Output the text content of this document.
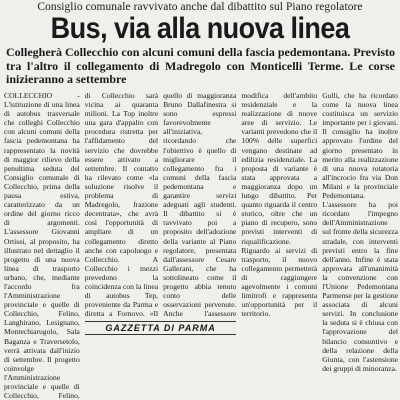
Consiglio comunale ravvivato anche dal dibattito sul Piano regolatore
Bus, via alla nuova linea
Collegherà Collecchio con alcuni comuni della fascia pedemontana. Previsto tra l'altro il collegamento di Madregolo con Monticelli Terme. Le corse inizieranno a settembre

COLLECCHIO	- L'istituzione di una linea di autobus trasversale che colleghi Collecchio con alcuni comuni della fascia pedemontana ha rappresentato la novità di maggior rilievo della penultima seduta del Consiglio comunale di Collecchio, prima della pausa estiva, caratterizzato da un ordine del giorno ricco di argomenti. L'assessore Giovanni Ortisei, al proposito, ha illustrato nel dettaglio il progetto di una nuova linea di trasporto urbano, che, mediante l'accordo fra l'Amministrazione provinciale e quelle di Collecchio, Felino, Langhirano, Lesignano, Montechiarugolo, Sala Baganza e Traversetolo, verrà attivata dall'inizio di settembre. Il progetto coinvolge l'Amministrazione provinciale e quelle di Collecchio, Felino,

di Collecchio sarà vicina ai quaranta milioni. La Top inoltre una gara d'appalto con procedura ristretta per l'affidamento del servizio che dovrebbe essere attivato a settembre. Il contatto ha rilevato come «la soluzione risolve il problema di Madregolo, frazione decentrata», che avrà così l'opportunità di ampliare di un collegamento diretto anche con capoluogo e Collecchio. A Collecchio i mezzi prevedono la coincidenza con la linea di autobus Tep, proveniente da Parma e diretta a Fornovo. «Il

quello di maggioranza Bruno Dallafinestra si sono espressi favorevolmente all'iniziativa, ricordando che l'obiettivo è quello di migliorare il collegamento fra i comuni della fascia pedemontana e garantire servizi adeguati agli studenti. Il dibattito si è ravvivato poi a proposito dell'adozione della variante al Piano regolatore, presentata dall'assessore Cesare Gallerani, che ha sottolineato come il progetto abbia tenuto conto delle osservazioni pervenute. Anche l'assessore

GAZZETTA DI PARMA

modifica dell'ambito residenziale e la realizzazione di nuove aree di servizio. Le varianti prevedono che il 100% delle superfici vengano destinate ad edilizia residenziale. La proposta di variante è stata approvata a maggioranza dopo un lungo dibattito. Per quanto riguarda il centro storico, oltre che un piano di recupero, sono previsti interventi di riqualificazione. Riguardo ai servizi di trasporto, il nuovo collegamento permetterà di raggiungere agevolmente i comuni limitrofi e rappresenta un'opportunità per il territorio.

Gulli, che ha ricordato come la nuova linea costituisca un servizio importante per i giovani. Il consiglio ha inoltre approvato l'ordine del giorno presentato in merito alla realizzazione di una nuova rotatoria all'incrocio fra via Don Milani e la provinciale Pedemontana. L'assessore ha poi ricordato l'impegno dell'Amministrazione sul fronte della sicurezza stradale, con interventi previsti entro la fine dell'anno. Infine è stata approvata all'unanimità la convenzione con l'Unione Pedemontana Parmense per la gestione associata di alcuni servizi. In conclusione la seduta si è chiusa con l'approvazione del bilancio consuntivo e della relazione della Giunta, con l'astensione dei gruppi di minoranza.
